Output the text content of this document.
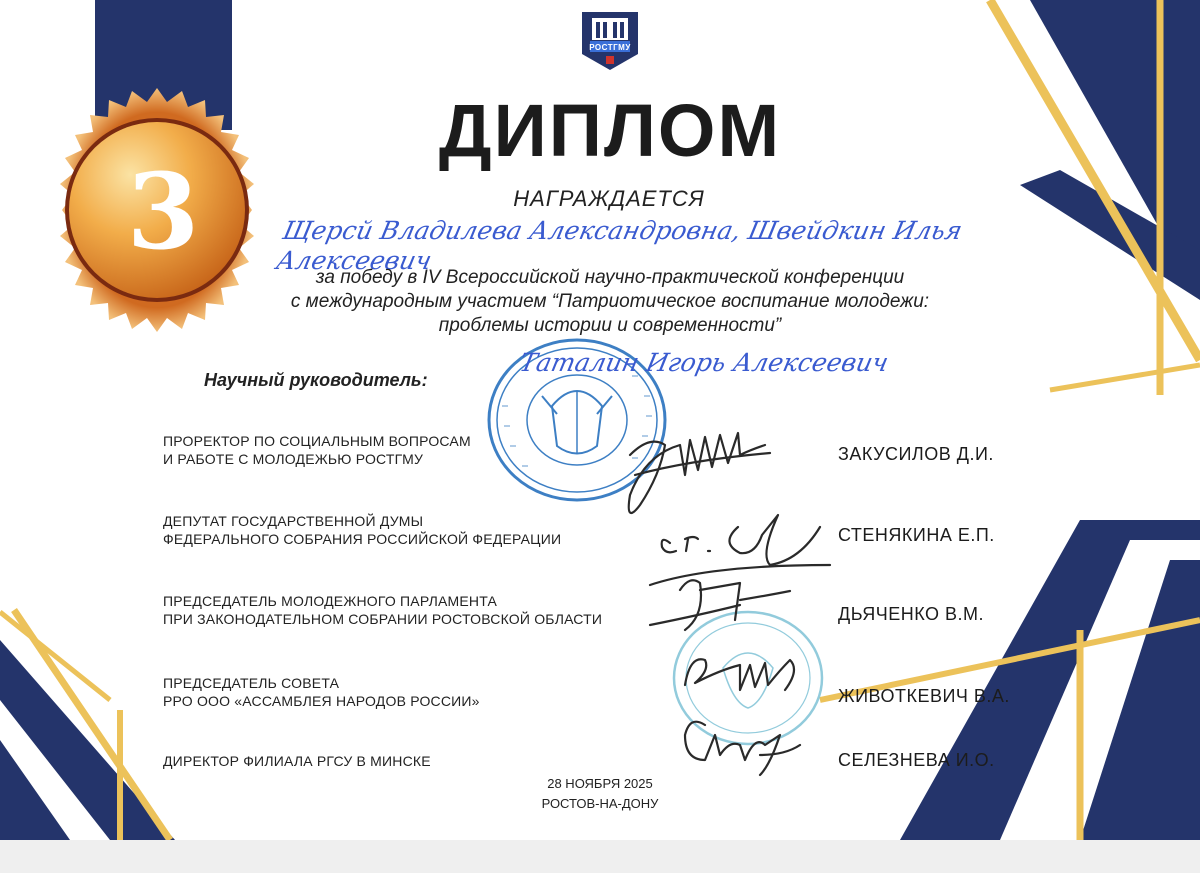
3
РОСТГМУ
ДИПЛОМ
НАГРАЖДАЕТСЯ
Щерсй Владилева Александровна, Швейдкин Илья Алексеевич
за победу в IV Всероссийской научно-практической конференции
с международным участием “Патриотическое воспитание молодежи:
проблемы истории и современности”
Научный руководитель:
Таталин Игорь Алексеевич
ПРОРЕКТОР ПО СОЦИАЛЬНЫМ ВОПРОСАМ
И РАБОТЕ С МОЛОДЕЖЬЮ РОСТГМУ
ДЕПУТАТ ГОСУДАРСТВЕННОЙ ДУМЫ
ФЕДЕРАЛЬНОГО СОБРАНИЯ РОССИЙСКОЙ ФЕДЕРАЦИИ
ПРЕДСЕДАТЕЛЬ МОЛОДЕЖНОГО ПАРЛАМЕНТА
ПРИ ЗАКОНОДАТЕЛЬНОМ СОБРАНИИ РОСТОВСКОЙ ОБЛАСТИ
ПРЕДСЕДАТЕЛЬ СОВЕТА
РРО ООО «АССАМБЛЕЯ НАРОДОВ РОССИИ»
ДИРЕКТОР ФИЛИАЛА РГСУ В МИНСКЕ
ЗАКУСИЛОВ Д.И.
СТЕНЯКИНА Е.П.
ДЬЯЧЕНКО В.М.
ЖИВОТКЕВИЧ В.А.
СЕЛЕЗНЕВА И.О.
28 НОЯБРЯ 2025
РОСТОВ-НА-ДОНУ
